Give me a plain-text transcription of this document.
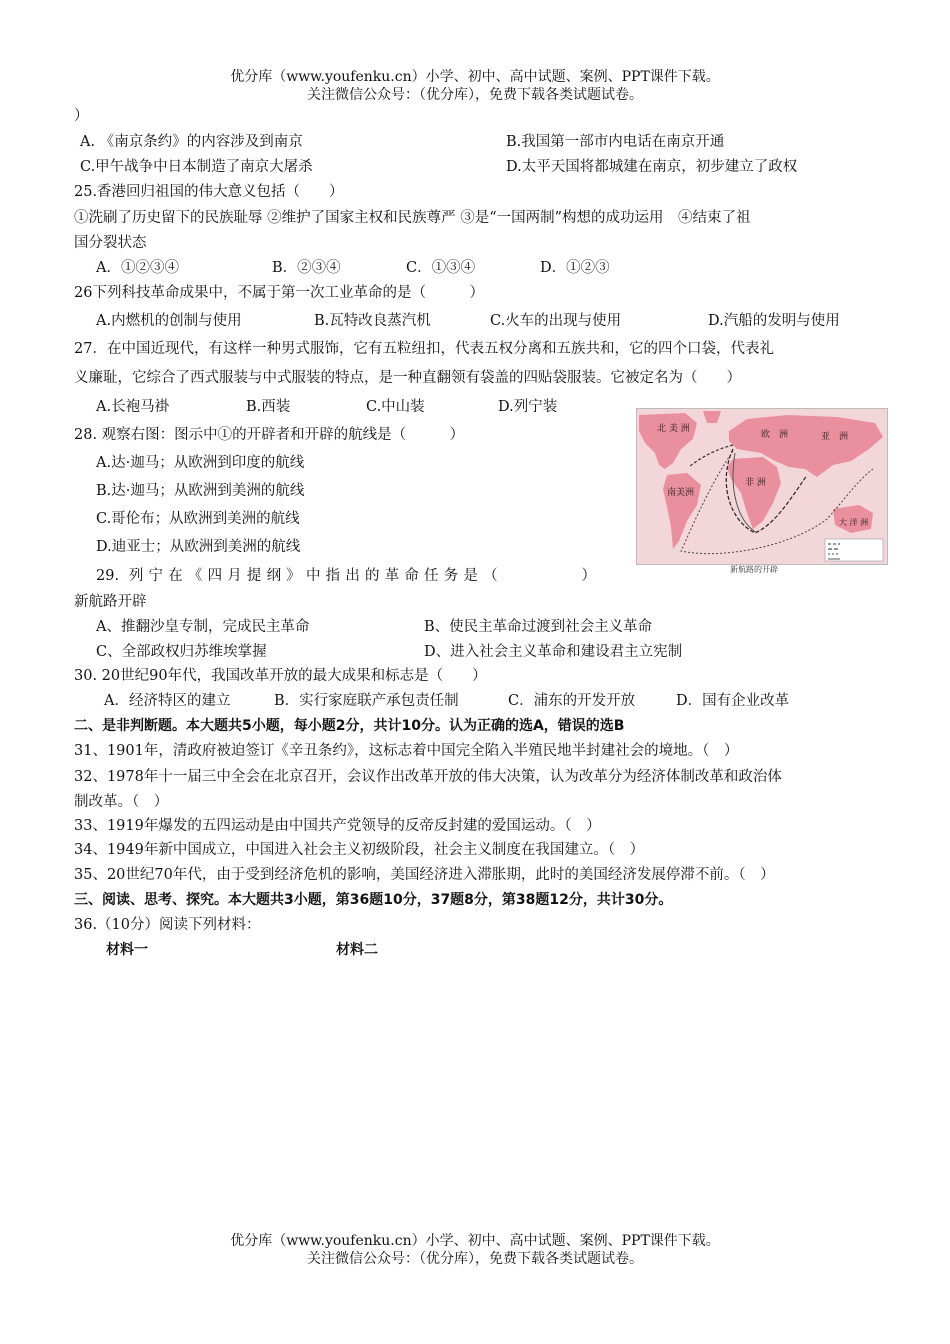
优分库（www.youfenku.cn）小学、初中、高中试题、案例、PPT课件下载。
关注微信公众号：（优分库），免费下载各类试题试卷。
）
A. 《南京条约》的内容涉及到南京	B.我国第一部市内电话在南京开通
C.甲午战争中日本制造了南京大屠杀	D.太平天国将都城建在南京，初步建立了政权
25.香港回归祖国的伟大意义包括（　　）
①洗刷了历史留下的民族耻辱 ②维护了国家主权和民族尊严 ③是“一国两制”构想的成功运用　④结束了祖
国分裂状态
A．①②③④	B．②③④	C．①③④	D．①②③
26下列科技革命成果中，不属于第一次工业革命的是（　　　）
A.内燃机的创制与使用	B.瓦特改良蒸汽机	C.火车的出现与使用	D.汽船的发明与使用
27．在中国近现代，有这样一种男式服饰，它有五粒纽扣，代表五权分离和五族共和，它的四个口袋，代表礼
义廉耻，它综合了西式服装与中式服装的特点，是一种直翻领有袋盖的四贴袋服装。它被定名为（　　）
A.长袍马褂	B.西装	C.中山装	D.列宁装
28. 观察右图：图示中①的开辟者和开辟的航线是（　　　）
A.达·迦马；从欧洲到印度的航线
B.达·迦马；从欧洲到美洲的航线
C.哥伦布；从欧洲到美洲的航线
D.迪亚士；从欧洲到美洲的航线
北 美 洲
南美洲
欧　洲	亚　洲
非 洲
大 洋 洲
新航路的开辟
29. 列宁在《四月提纲》中指出的革命任务是（　　　　）
新航路开辟
A、推翻沙皇专制，完成民主革命	B、使民主革命过渡到社会主义革命
C、全部政权归苏维埃掌握	D、进入社会主义革命和建设君主立宪制
30. 20世纪90年代，我国改革开放的最大成果和标志是（　　）
A．经济特区的建立	B．实行家庭联产承包责任制	C．浦东的开发开放	D．国有企业改革
二、是非判断题。本大题共5小题，每小题2分，共计10分。认为正确的选A，错误的选B
31、1901年，清政府被迫签订《辛丑条约》，这标志着中国完全陷入半殖民地半封建社会的境地。（　）
32、1978年十一届三中全会在北京召开，会议作出改革开放的伟大决策，认为改革分为经济体制改革和政治体
制改革。（　）
33、1919年爆发的五四运动是由中国共产党领导的反帝反封建的爱国运动。（　）
34、1949年新中国成立，中国进入社会主义初级阶段，社会主义制度在我国建立。（　）
35、20世纪70年代，由于受到经济危机的影响，美国经济进入滞胀期，此时的美国经济发展停滞不前。（　）
三、阅读、思考、探究。本大题共3小题，第36题10分，37题8分，第38题12分，共计30分。
36.（10分）阅读下列材料：
材料一	材料二
优分库（www.youfenku.cn）小学、初中、高中试题、案例、PPT课件下载。
关注微信公众号：（优分库），免费下载各类试题试卷。
